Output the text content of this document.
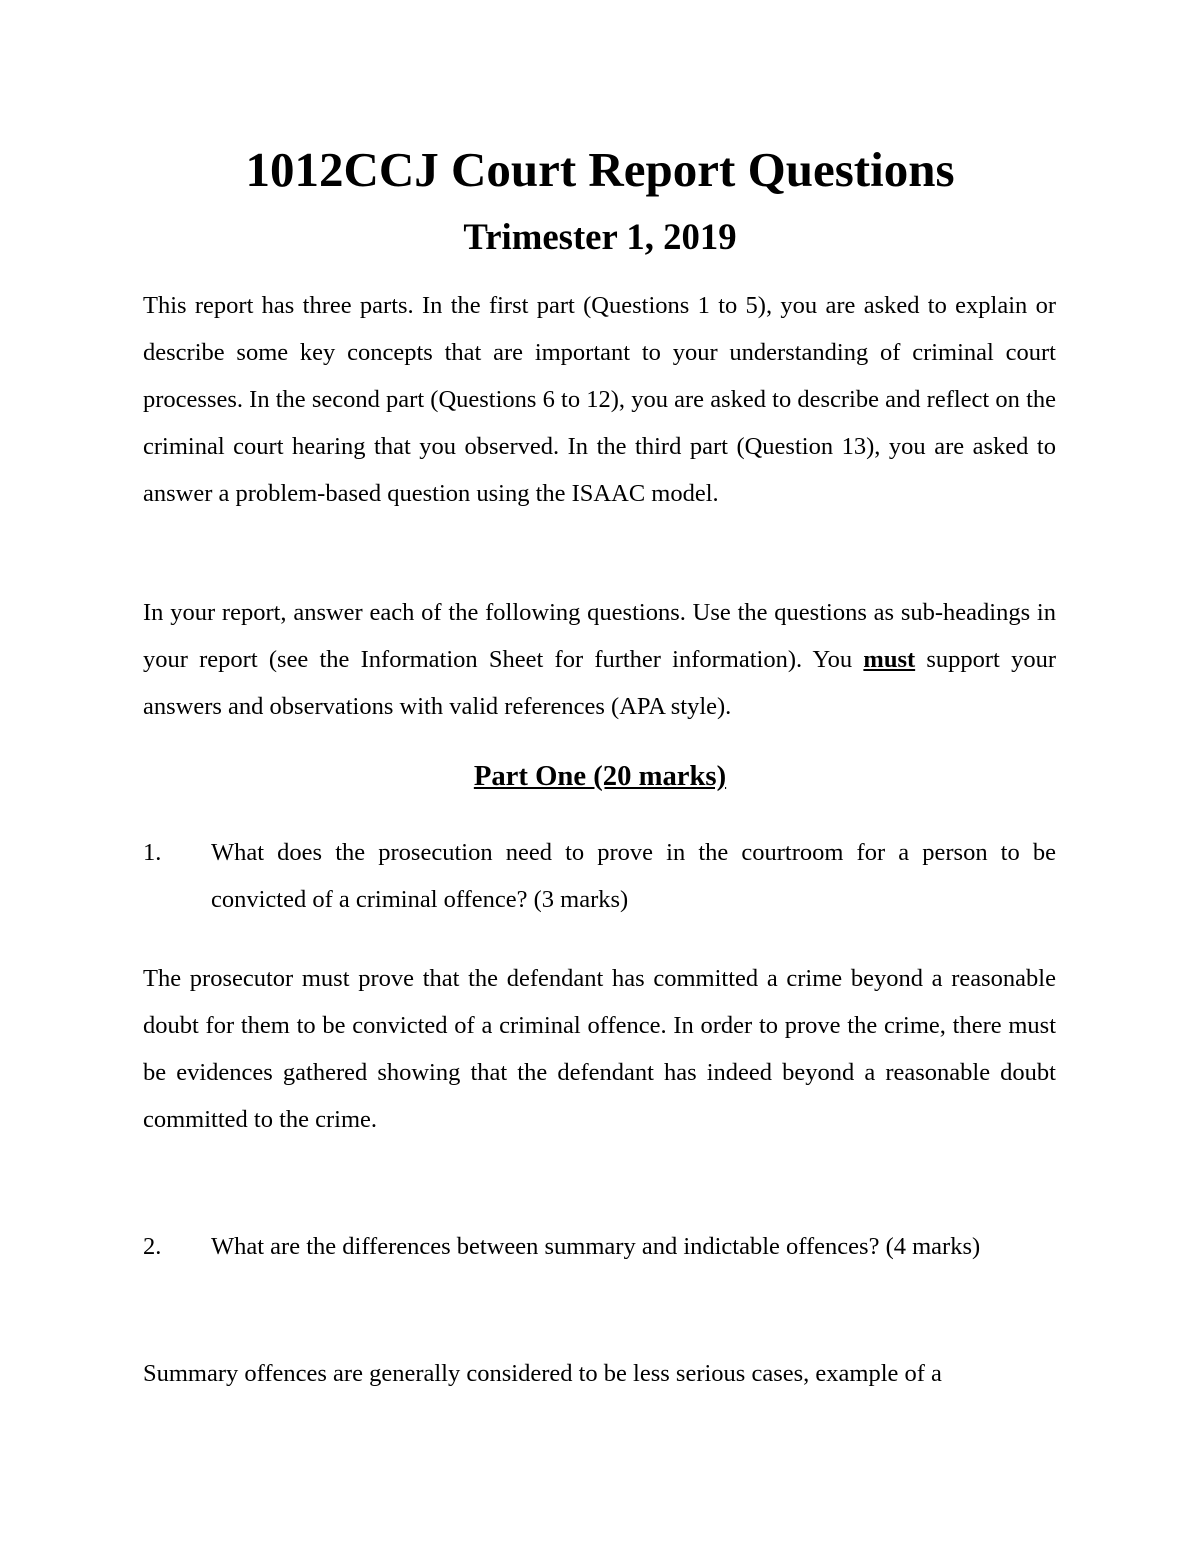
1012CCJ Court Report Questions
Trimester 1, 2019

This report has three parts. In the first part (Questions 1 to 5), you are asked to explain or describe some key concepts that are important to your understanding of criminal court processes. In the second part (Questions 6 to 12), you are asked to describe and reflect on the criminal court hearing that you observed. In the third part (Question 13), you are asked to answer a problem-based question using the ISAAC model.

In your report, answer each of the following questions. Use the questions as sub-headings in your report (see the Information Sheet for further information). You must support your answers and observations with valid references (APA style).

Part One (20 marks)
1. What does the prosecution need to prove in the courtroom for a person to be convicted of a criminal offence? (3 marks)

The prosecutor must prove that the defendant has committed a crime beyond a reasonable doubt for them to be convicted of a criminal offence. In order to prove the crime, there must be evidences gathered showing that the defendant has indeed beyond a reasonable doubt committed to the crime.

2. What are the differences between summary and indictable offences? (4 marks)

Summary offences are generally considered to be less serious cases, example of a
